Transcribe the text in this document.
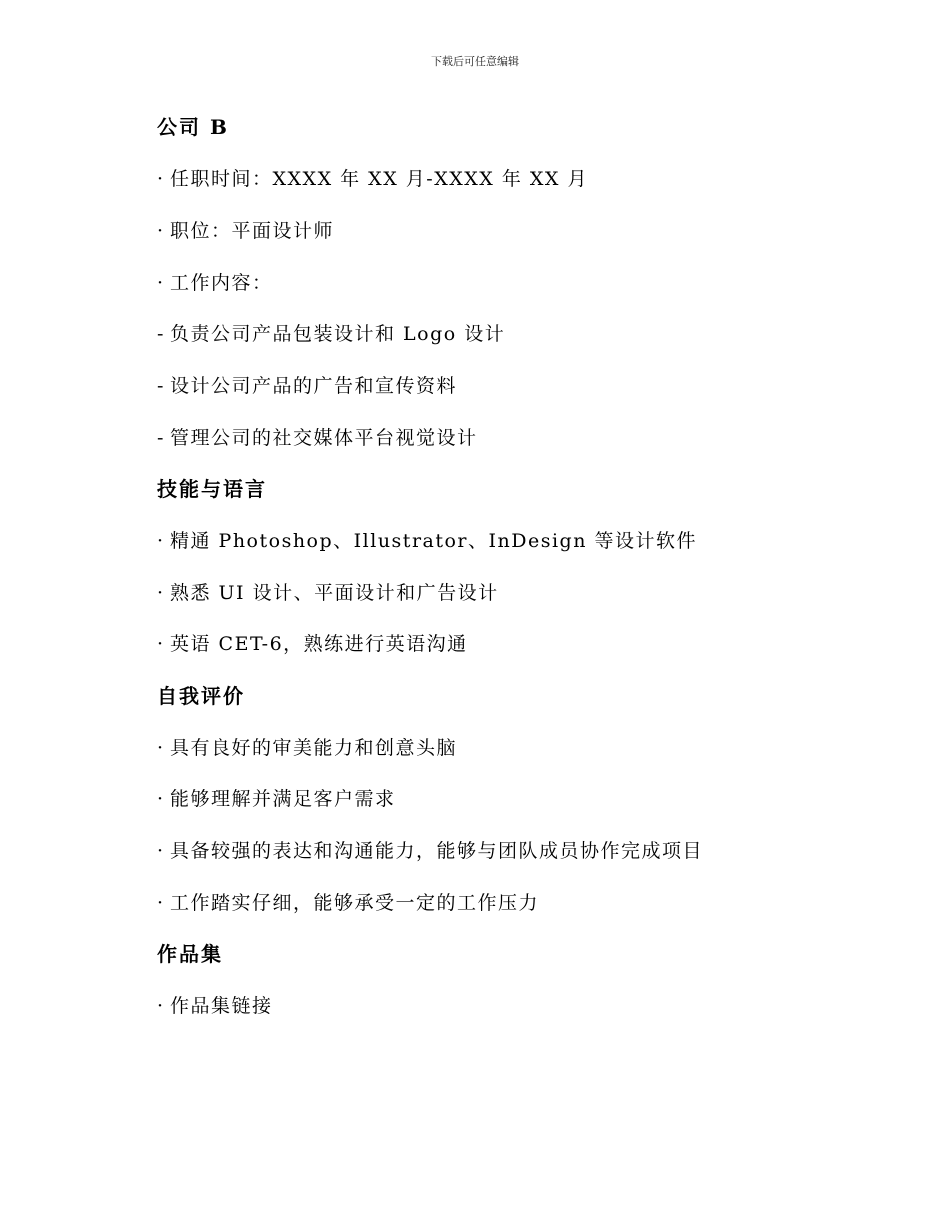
下载后可任意编辑
公司 B
· 任职时间：XXXX 年 XX 月-XXXX 年 XX 月
· 职位：平面设计师
· 工作内容：
- 负责公司产品包装设计和 Logo 设计
- 设计公司产品的广告和宣传资料
- 管理公司的社交媒体平台视觉设计
技能与语言
· 精通 Photoshop、Illustrator、InDesign 等设计软件
· 熟悉 UI 设计、平面设计和广告设计
· 英语 CET-6，熟练进行英语沟通
自我评价
· 具有良好的审美能力和创意头脑
· 能够理解并满足客户需求
· 具备较强的表达和沟通能力，能够与团队成员协作完成项目
· 工作踏实仔细，能够承受一定的工作压力
作品集
· 作品集链接
